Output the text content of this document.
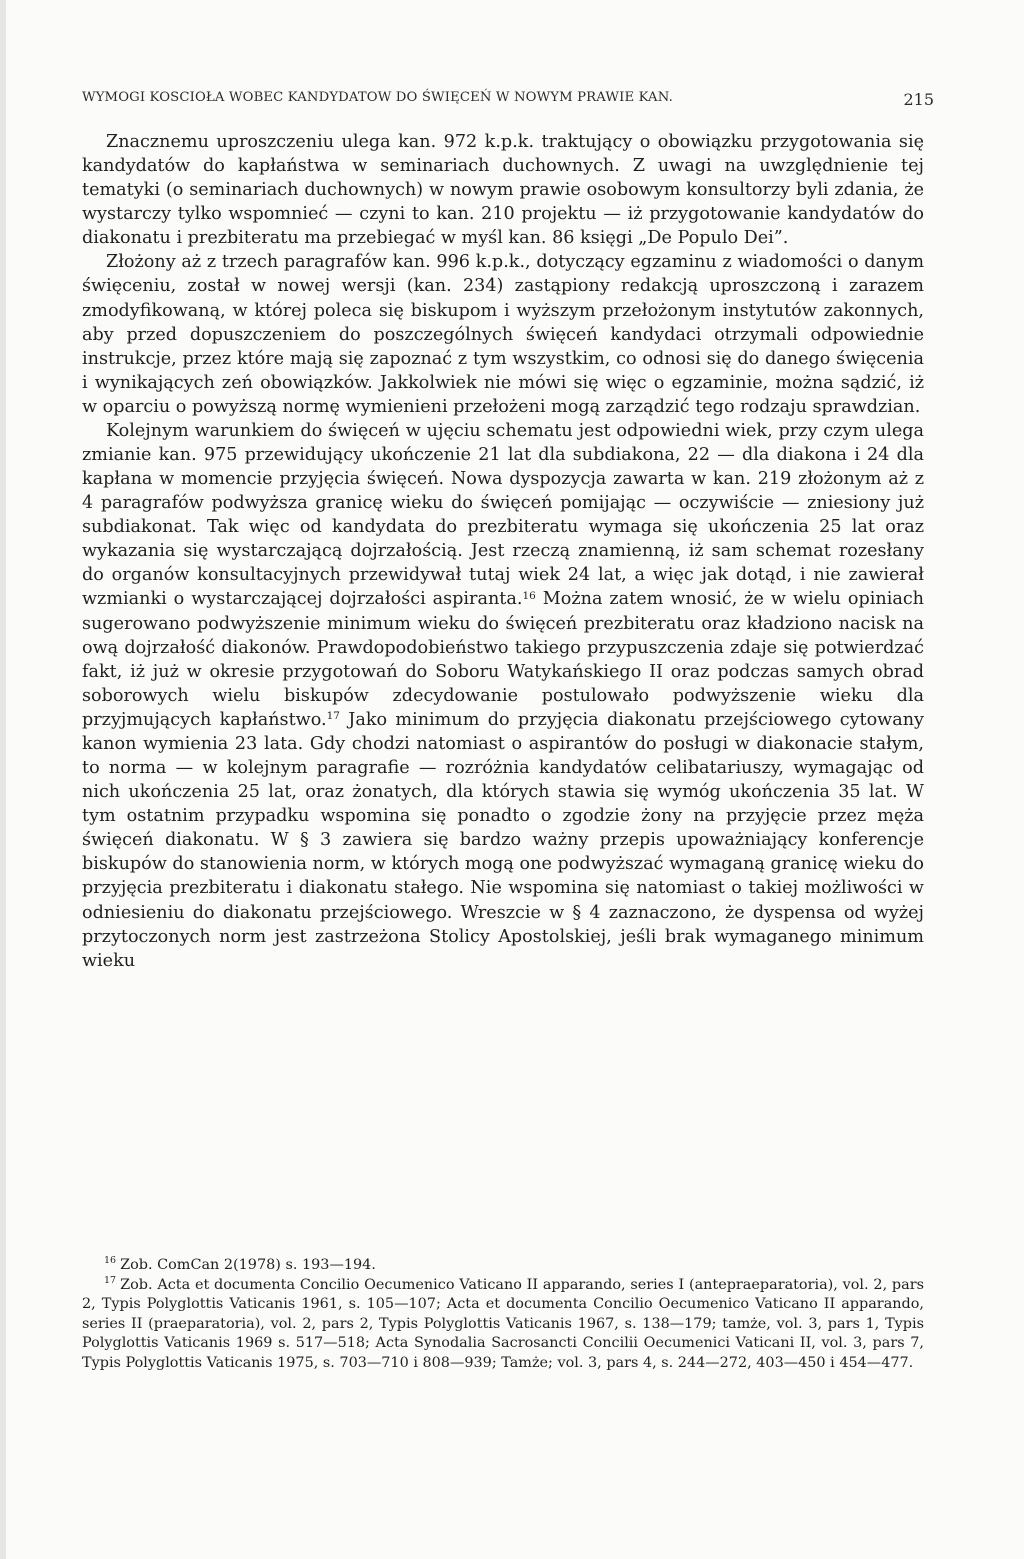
WYMOGI KOSCIOŁA WOBEC KANDYDATOW DO ŚWIĘCEŃ W NOWYM PRAWIE KAN.	215

Znacznemu uproszczeniu ulega kan. 972 k.p.k. traktujący o obowiązku przygotowania się kandydatów do kapłaństwa w seminariach duchownych. Z uwagi na uwzględnienie tej tematyki (o seminariach duchownych) w nowym prawie osobowym konsultorzy byli zdania, że wystarczy tylko wspomnieć — czyni to kan. 210 projektu — iż przygotowanie kandydatów do diakonatu i prezbiteratu ma przebiegać w myśl kan. 86 księgi „De Populo Dei”.

Złożony aż z trzech paragrafów kan. 996 k.p.k., dotyczący egzaminu z wiadomości o danym święceniu, został w nowej wersji (kan. 234) zastąpiony redakcją uproszczoną i zarazem zmodyfikowaną, w której poleca się biskupom i wyższym przełożonym instytutów zakonnych, aby przed dopuszczeniem do poszczególnych święceń kandydaci otrzymali odpowiednie instrukcje, przez które mają się zapoznać z tym wszystkim, co odnosi się do danego święcenia i wynikających zeń obowiązków. Jakkolwiek nie mówi się więc o egzaminie, można sądzić, iż w oparciu o powyższą normę wymienieni przełożeni mogą zarządzić tego rodzaju sprawdzian.

Kolejnym warunkiem do święceń w ujęciu schematu jest odpowiedni wiek, przy czym ulega zmianie kan. 975 przewidujący ukończenie 21 lat dla subdiakona, 22 — dla diakona i 24 dla kapłana w momencie przyjęcia święceń. Nowa dyspozycja zawarta w kan. 219 złożonym aż z 4 paragrafów podwyższa granicę wieku do święceń pomijając — oczywiście — zniesiony już subdiakonat. Tak więc od kandydata do prezbiteratu wymaga się ukończenia 25 lat oraz wykazania się wystarczającą dojrzałością. Jest rzeczą znamienną, iż sam schemat rozesłany do organów konsultacyjnych przewidywał tutaj wiek 24 lat, a więc jak dotąd, i nie zawierał wzmianki o wystarczającej dojrzałości aspiranta.$^{16}$ Można zatem wnosić, że w wielu opiniach sugerowano podwyższenie minimum wieku do święceń prezbiteratu oraz kładziono nacisk na ową dojrzałość diakonów. Prawdopodobieństwo takiego przypuszczenia zdaje się potwierdzać fakt, iż już w okresie przygotowań do Soboru Watykańskiego II oraz podczas samych obrad soborowych wielu biskupów zdecydowanie postulowało podwyższenie wieku dla przyjmujących kapłaństwo.$^{17}$ Jako minimum do przyjęcia diakonatu przejściowego cytowany kanon wymienia 23 lata. Gdy chodzi natomiast o aspirantów do posługi w diakonacie stałym, to norma — w kolejnym paragrafie — rozróżnia kandydatów celibatariuszy, wymagając od nich ukończenia 25 lat, oraz żonatych, dla których stawia się wymóg ukończenia 35 lat. W tym ostatnim przypadku wspomina się ponadto o zgodzie żony na przyjęcie przez męża święceń diakonatu. W § 3 zawiera się bardzo ważny przepis upoważniający konferencje biskupów do stanowienia norm, w których mogą one podwyższać wymaganą granicę wieku do przyjęcia prezbiteratu i diakonatu stałego. Nie wspomina się natomiast o takiej możliwości w odniesieniu do diakonatu przejściowego. Wreszcie w § 4 zaznaczono, że dyspensa od wyżej przytoczonych norm jest zastrzeżona Stolicy Apostolskiej, jeśli brak wymaganego minimum wieku

$^{16}$ Zob. ComCan 2(1978) s. 193—194.

$^{17}$ Zob. Acta et documenta Concilio Oecumenico Vaticano II apparando, series I (antepraeparatoria), vol. 2, pars 2, Typis Polyglottis Vaticanis 1961, s. 105—107; Acta et documenta Concilio Oecumenico Vaticano II apparando, series II (praeparatoria), vol. 2, pars 2, Typis Polyglottis Vaticanis 1967, s. 138—179; tamże, vol. 3, pars 1, Typis Polyglottis Vaticanis 1969 s. 517—518; Acta Synodalia Sacrosancti Concilii Oecumenici Vaticani II, vol. 3, pars 7, Typis Polyglottis Vaticanis 1975, s. 703—710 i 808—939; Tamże; vol. 3, pars 4, s. 244—272, 403—450 i 454—477.
